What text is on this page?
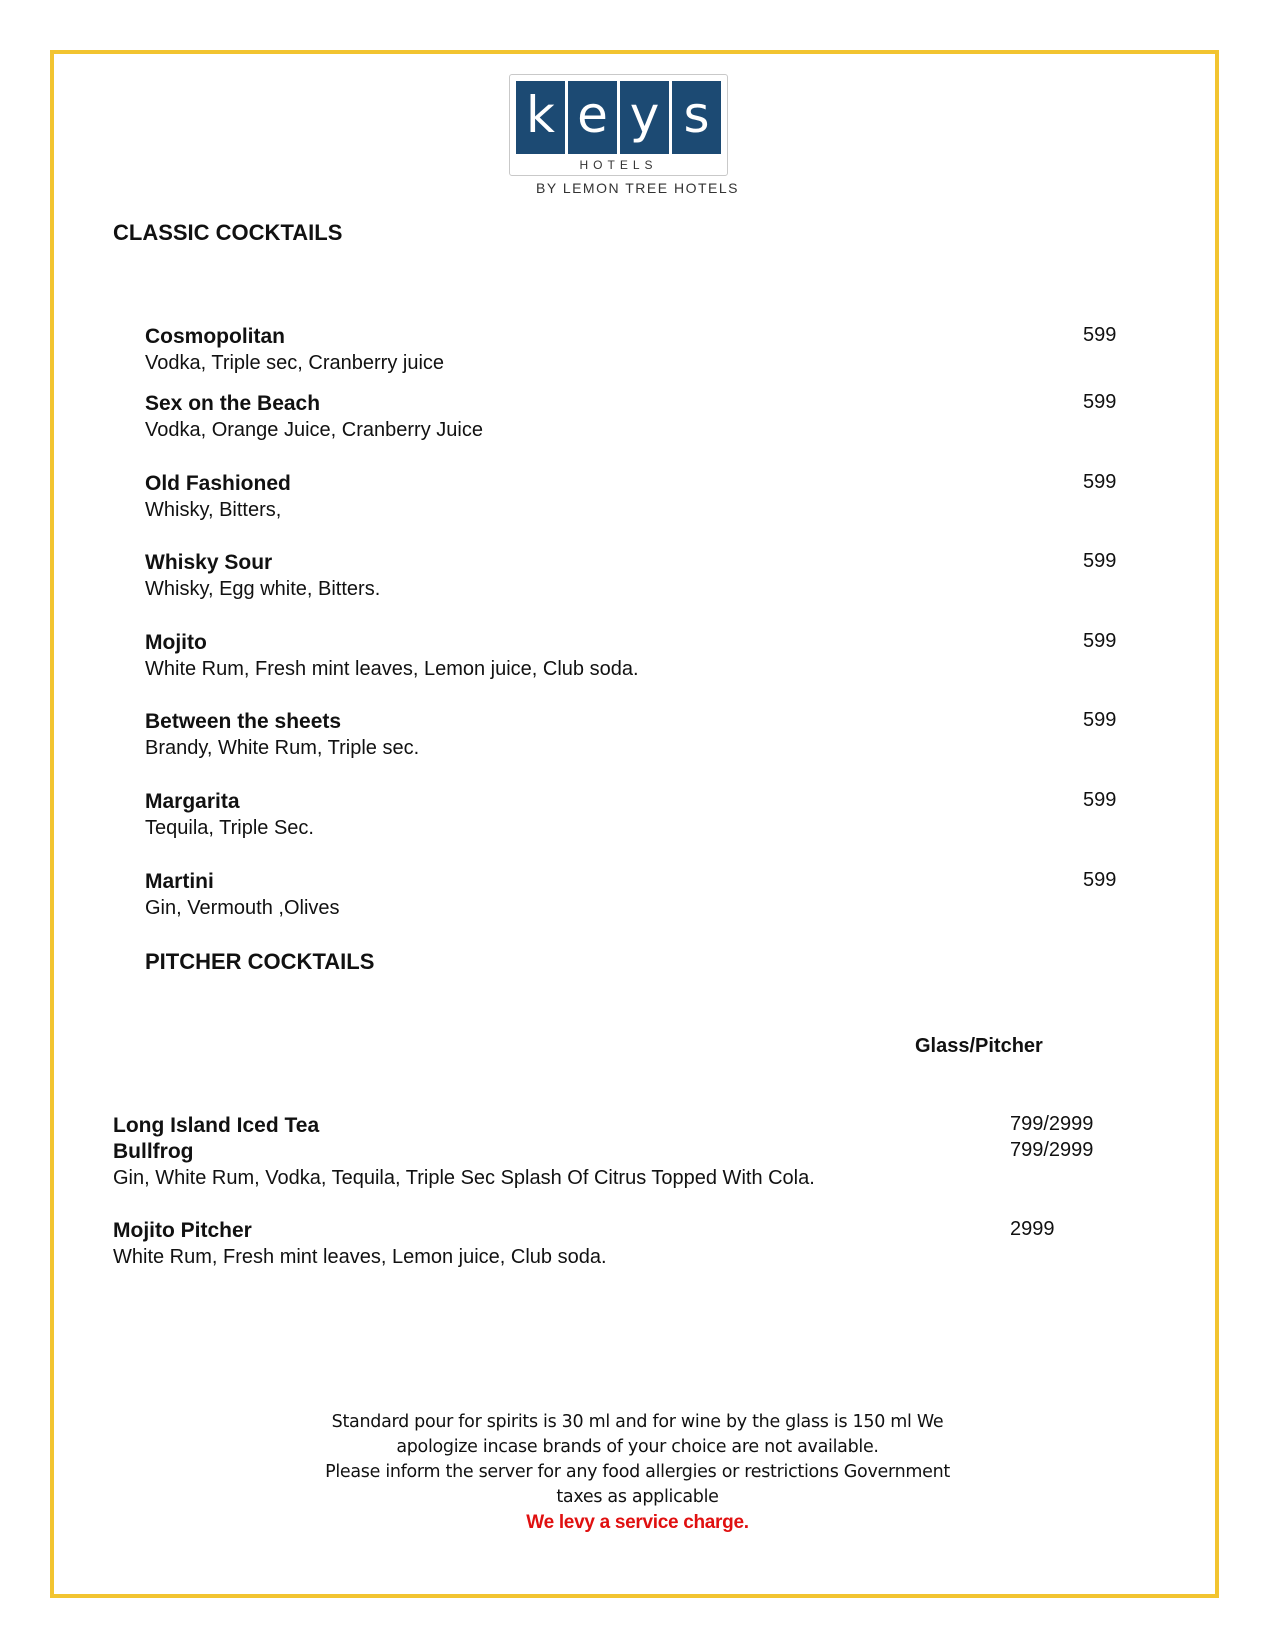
k e y s
HOTELS
BY LEMON TREE HOTELS
CLASSIC COCKTAILS
Cosmopolitan
Vodka, Triple sec, Cranberry juice
599
Sex on the Beach
Vodka, Orange Juice, Cranberry Juice
599
Old Fashioned
Whisky, Bitters,
599
Whisky Sour
Whisky, Egg white, Bitters.
599
Mojito
White Rum, Fresh mint leaves, Lemon juice, Club soda.
599
Between the sheets
Brandy, White Rum, Triple sec.
599
Margarita
Tequila, Triple Sec.
599
Martini
Gin, Vermouth ,Olives
599
PITCHER COCKTAILS
Glass/Pitcher
Long Island Iced Tea	799/2999
Bullfrog
Gin, White Rum, Vodka, Tequila, Triple Sec Splash Of Citrus Topped With Cola.
799/2999
Mojito Pitcher
White Rum, Fresh mint leaves, Lemon juice, Club soda.
2999
Standard pour for spirits is 30 ml and for wine by the glass is 150 ml We
apologize incase brands of your choice are not available.
Please inform the server for any food allergies or restrictions Government
taxes as applicable
We levy a service charge.
